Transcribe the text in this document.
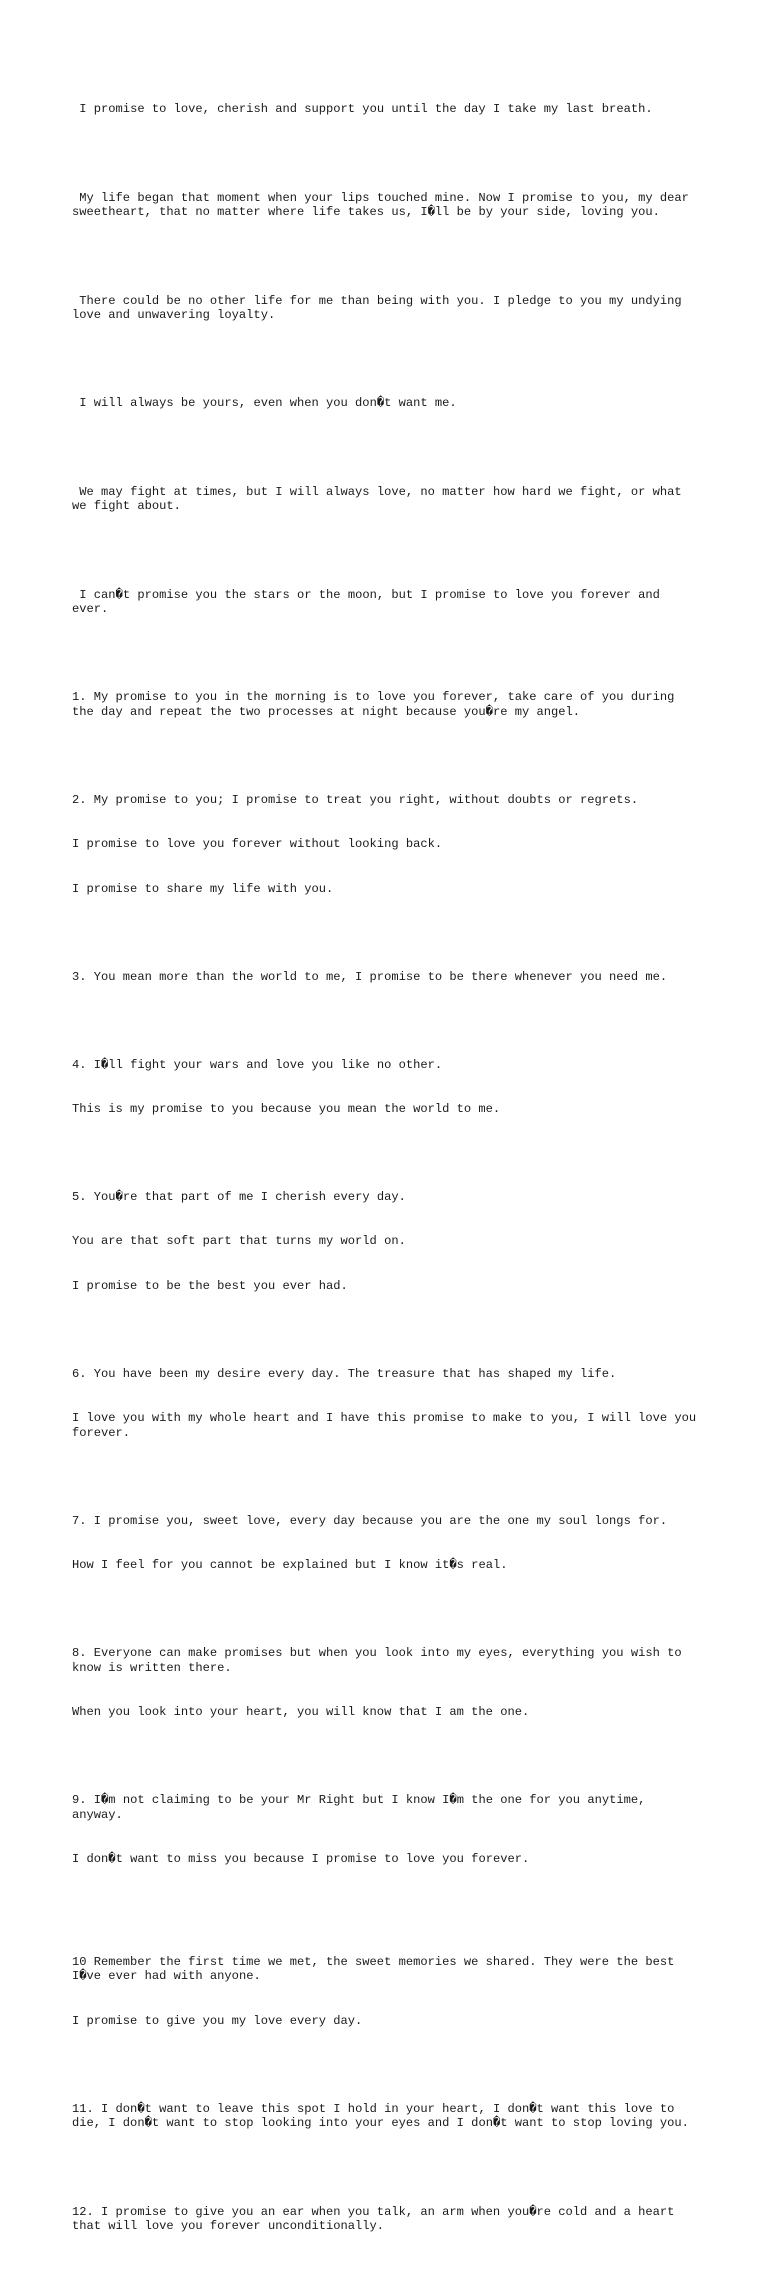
I promise to love, cherish and support you until the day I take my last breath.

My life began that moment when your lips touched mine. Now I promise to you, my dear sweetheart, that no matter where life takes us, I�ll be by your side, loving you.

There could be no other life for me than being with you. I pledge to you my undying love and unwavering loyalty.

I will always be yours, even when you don�t want me.

We may fight at times, but I will always love, no matter how hard we fight, or what we fight about.

I can�t promise you the stars or the moon, but I promise to love you forever and ever.

1. My promise to you in the morning is to love you forever, take care of you during the day and repeat the two processes at night because you�re my angel.

2. My promise to you; I promise to treat you right, without doubts or regrets.

I promise to love you forever without looking back.

I promise to share my life with you.

3. You mean more than the world to me, I promise to be there whenever you need me.

4. I�ll fight your wars and love you like no other.

This is my promise to you because you mean the world to me.

5. You�re that part of me I cherish every day.

You are that soft part that turns my world on.

I promise to be the best you ever had.

6. You have been my desire every day. The treasure that has shaped my life.

I love you with my whole heart and I have this promise to make to you, I will love you forever.

7. I promise you, sweet love, every day because you are the one my soul longs for.

How I feel for you cannot be explained but I know it�s real.

8. Everyone can make promises but when you look into my eyes, everything you wish to know is written there.

When you look into your heart, you will know that I am the one.

9. I�m not claiming to be your Mr Right but I know I�m the one for you anytime, anyway.

I don�t want to miss you because I promise to love you forever.

10 Remember the first time we met, the sweet memories we shared. They were the best I�ve ever had with anyone.

I promise to give you my love every day.

11. I don�t want to leave this spot I hold in your heart, I don�t want this love to die, I don�t want to stop looking into your eyes and I don�t want to stop loving you.

12. I promise to give you an ear when you talk, an arm when you�re cold and a heart that will love you forever unconditionally.
